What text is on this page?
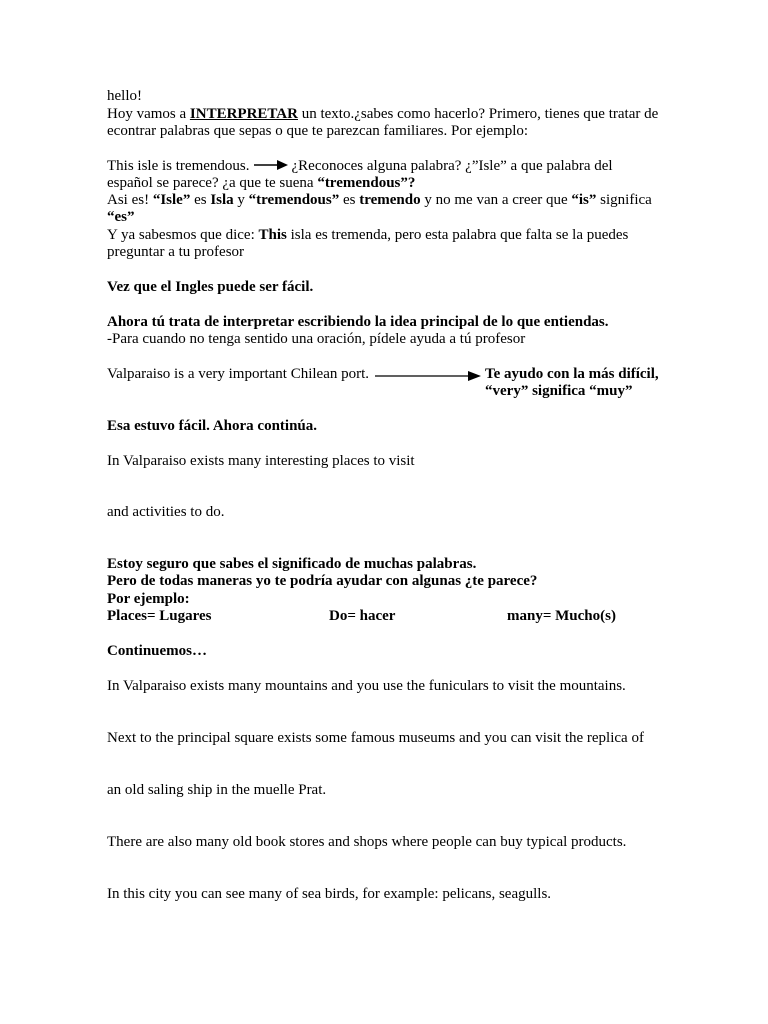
hello!
Hoy vamos a INTERPRETAR un texto.¿sabes como hacerlo? Primero, tienes que tratar de
econtrar palabras que sepas o que te parezcan familiares. Por ejemplo:
This isle is tremendous.	¿Reconoces alguna palabra? ¿”Isle” a que palabra del
español se parece? ¿a que te suena “tremendous”?
Asi es! “Isle” es Isla y “tremendous” es tremendo y no me van a creer que “is” significa
“es”
Y ya sabesmos que dice: This isla es tremenda, pero esta palabra que falta se la puedes
preguntar a tu profesor
Vez que el Ingles puede ser fácil.
Ahora tú trata de interpretar escribiendo la idea principal de lo que entiendas.
-Para cuando no tenga sentido una oración, pídele ayuda a tú profesor
Valparaiso is a very important Chilean port.	Te ayudo con la más difícil,
“very” significa “muy”
Esa estuvo fácil. Ahora continúa.
In Valparaiso exists many interesting places to visit
and activities to do.
Estoy seguro que sabes el significado de muchas palabras.
Pero de todas maneras yo te podría ayudar con algunas ¿te parece?
Por ejemplo:
Places= Lugares	Do= hacer	many= Mucho(s)
Continuemos…
In Valparaiso exists many mountains and you use the funiculars to visit the mountains.
Next to the principal square exists some famous museums and you can visit the replica of
an old saling ship in the muelle Prat.
There are also many old book stores and shops where people can buy typical products.
In this city you can see many of sea birds, for example: pelicans, seagulls.
